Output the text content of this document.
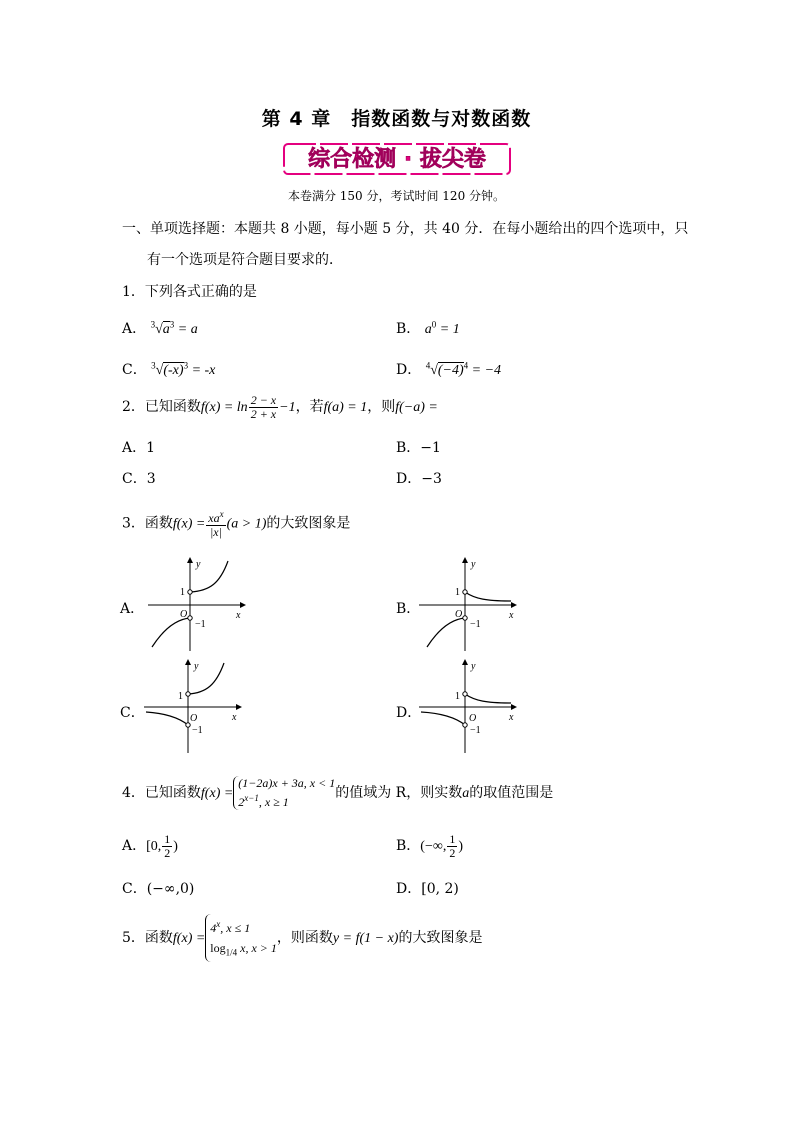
第 4 章　指数函数与对数函数
综合检测 · 拔尖卷
本卷满分 150 分，考试时间 120 分钟。
一、单项选择题：本题共 8 小题，每小题 5 分，共 40 分．在每小题给出的四个选项中，只
有一个选项是符合题目要求的．
1．下列各式正确的是
A． $^3√a^3 = a$	B． $a^0 = 1$
C． $^3√(-x)^3 = -x$	D． $^4√(-4)^4 = -4$
2．已知函数$f(x) = \ln \frac{2 - x}{2 + x} -1$，若f(a) = 1，则f(−a) =
A．1	B．−1
C．3	D．−3
3．函数$f(x) = \frac{xa^x}{|x|} (a > 1)$的大致图象是
A．	B．
C．	D．
y
x
O
1
−1
y
x
O
1
−1
y
x
O
1
−1
y
x
O
1
−1
4．已知函数f(x) =(1−2a)x + 3a, x < 1
$2^{x-1}$, x ≥ 1的值域为 R，则实数a的取值范围是
A．[0, $\frac{1}{2}$ )	B．(−∞, $\frac{1}{2}$ )
C．(−∞,0)	D．[0, 2)
5．函数$f(x) =4^x$, x ≤ 1
$\log_{1/4} x$, x > 1，则函数y = f(1 − x)的大致图象是
